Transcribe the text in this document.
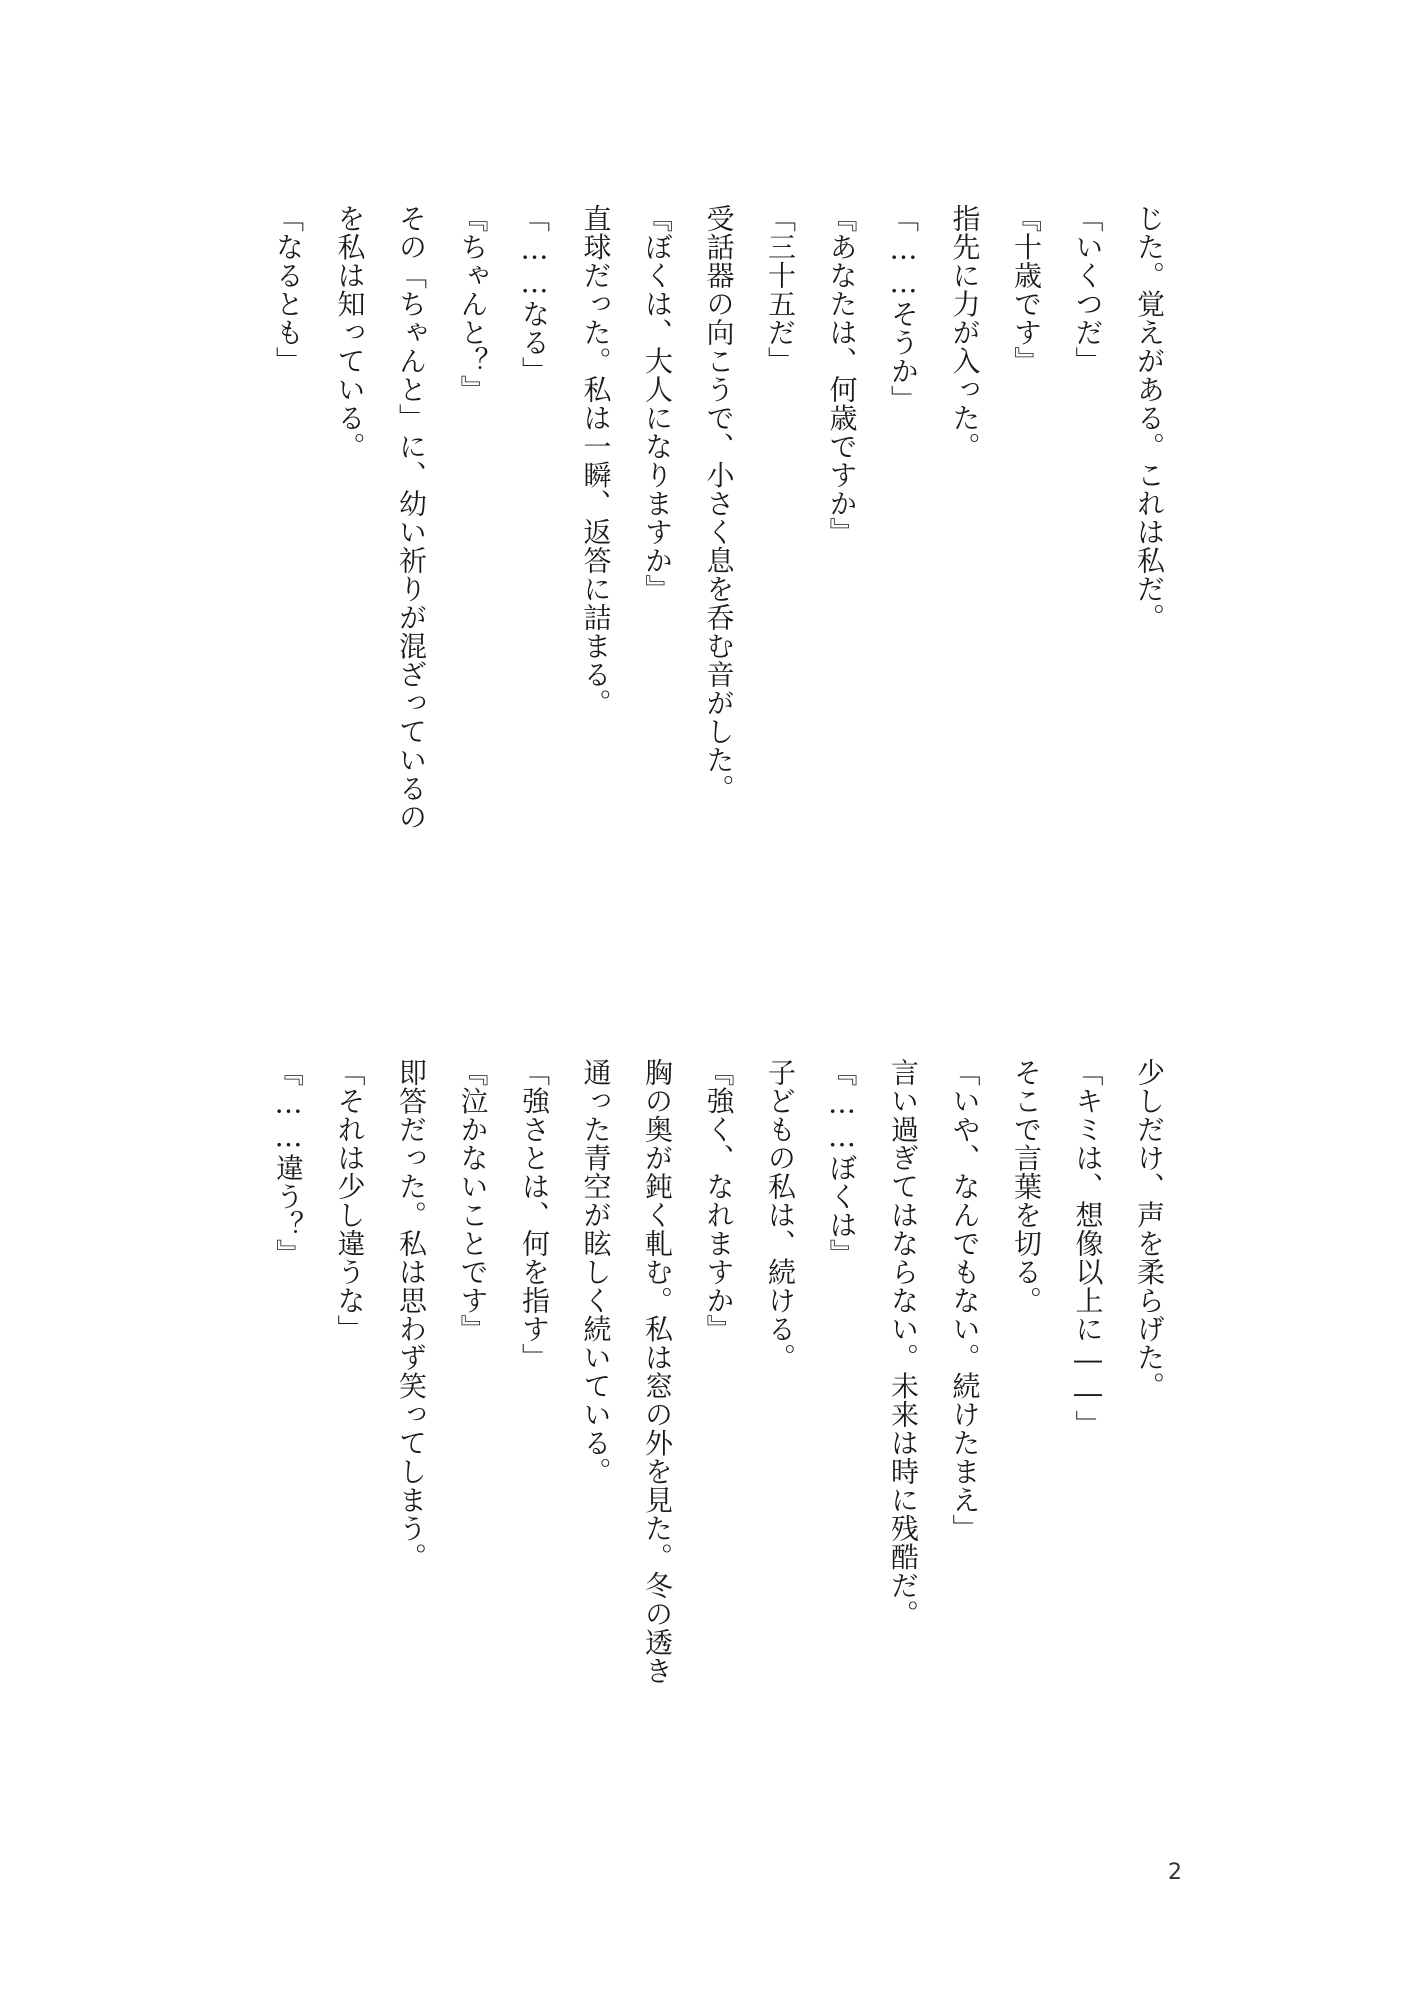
じた。覚えがある。これは私だ。
「いくつだ」
『十歳です』
指先に力が入った。
「……そうか」
『あなたは、何歳ですか』
「三十五だ」
受話器の向こうで、小さく息を呑む音がした。
『ぼくは、大人になりますか』
直球だった。私は一瞬、返答に詰まる。
「……なる」
『ちゃんと？』
その「ちゃんと」に、幼い祈りが混ざっているの
を私は知っている。
「なるとも」
少しだけ、声を柔らげた。
「キミは、想像以上に――」
そこで言葉を切る。
「いや、なんでもない。続けたまえ」
言い過ぎてはならない。未来は時に残酷だ。
『……ぼくは』
子どもの私は、続ける。
『強く、なれますか』
胸の奥が鈍く軋む。私は窓の外を見た。冬の透き
通った青空が眩しく続いている。
「強さとは、何を指す」
『泣かないことです』
即答だった。私は思わず笑ってしまう。
「それは少し違うな」
『……違う？』
2
